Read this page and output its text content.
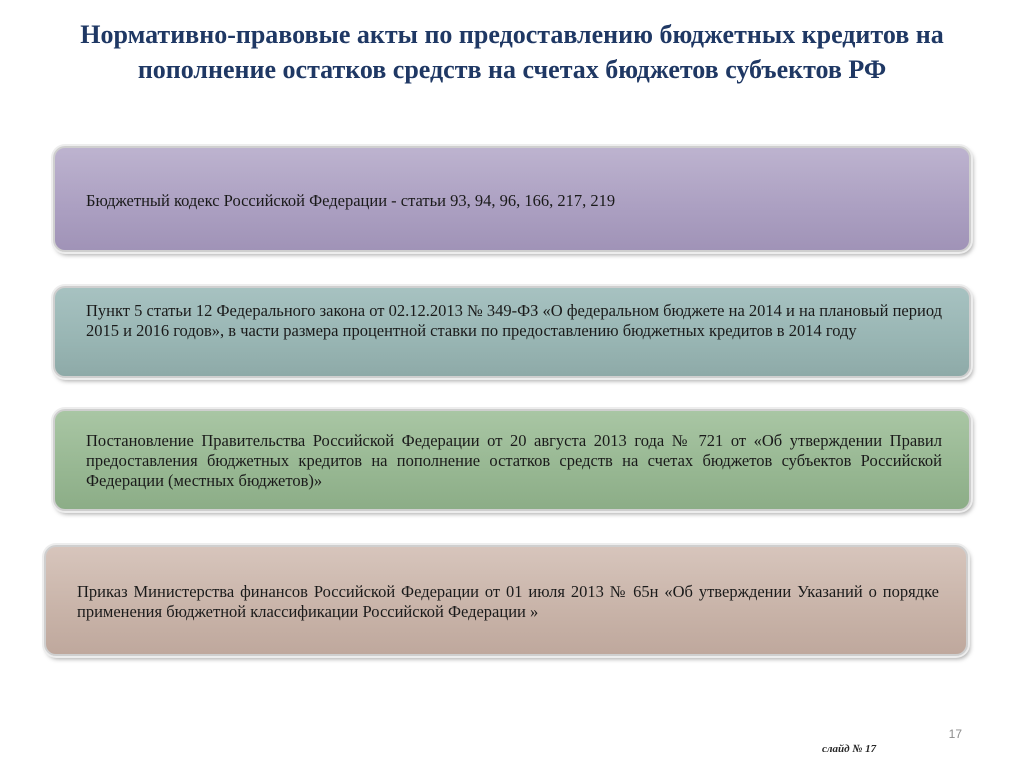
Нормативно-правовые акты по предоставлению бюджетных кредитов на пополнение остатков средств на счетах бюджетов субъектов РФ

Бюджетный кодекс Российской Федерации - статьи 93, 94, 96, 166, 217, 219

Пункт 5 статьи 12 Федерального закона от 02.12.2013 № 349-ФЗ «О федеральном бюджете на 2014 и на плановый период 2015 и 2016 годов», в части размера процентной ставки по предоставлению бюджетных кредитов в 2014 году

Постановление Правительства Российской Федерации от 20 августа 2013 года № 721 от «Об утверждении Правил предоставления бюджетных кредитов на пополнение остатков средств на счетах бюджетов субъектов Российской Федерации (местных бюджетов)»

Приказ Министерства финансов Российской Федерации от 01 июля 2013 № 65н «Об утверждении Указаний о порядке применения бюджетной классификации Российской Федерации »

17
слайд № 17
